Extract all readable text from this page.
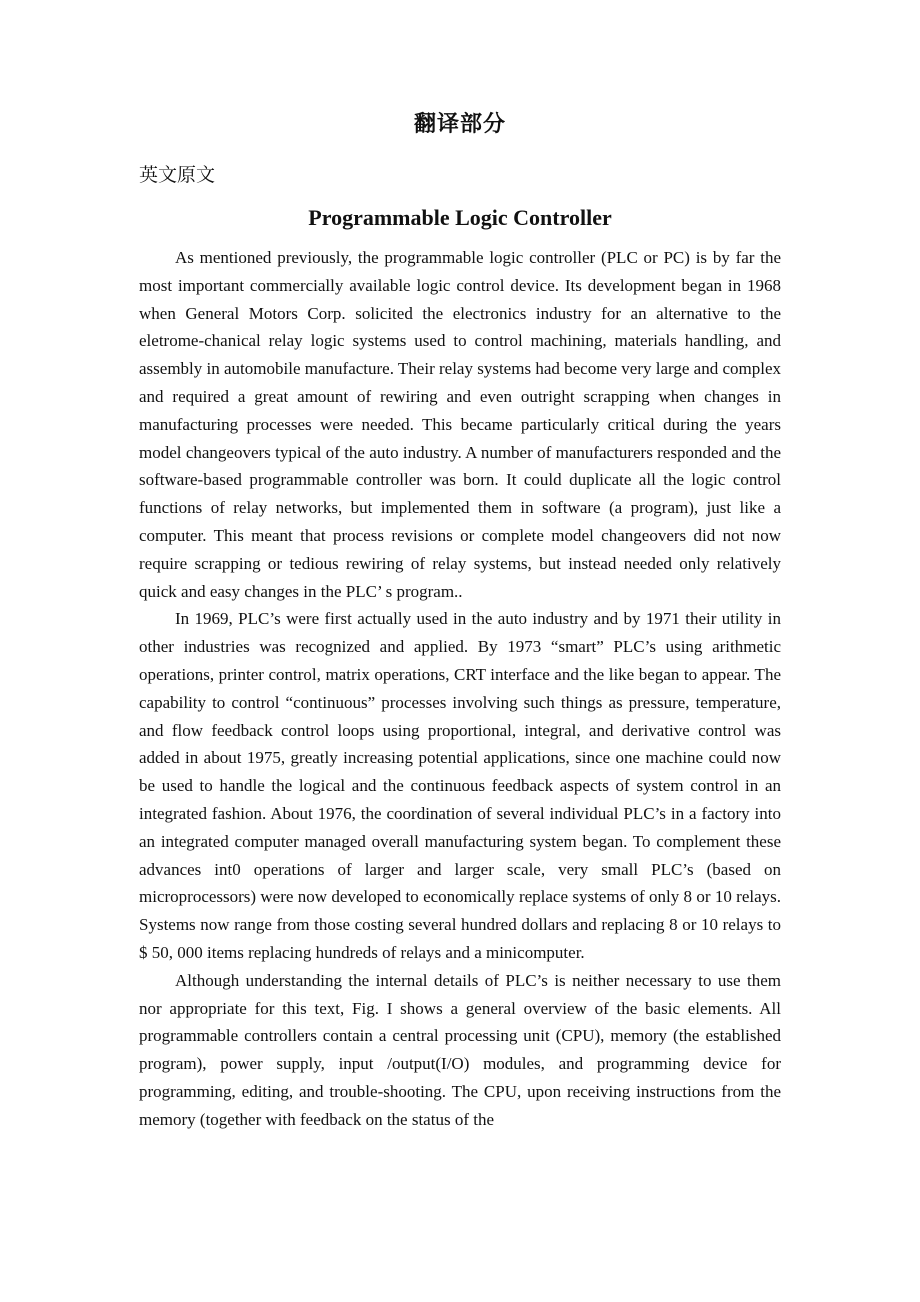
翻译部分
英文原文
Programmable Logic Controller

As mentioned previously, the programmable logic controller (PLC or PC) is by far the most important commercially available logic control device. Its development began in 1968 when General Motors Corp. solicited the electronics industry for an alternative to the eletrome-chanical relay logic systems used to control machining, materials handling, and assembly in automobile manufacture. Their relay systems had become very large and complex and required a great amount of rewiring and even outright scrapping when changes in manufacturing processes were needed. This became particularly critical during the years model changeovers typical of the auto industry. A number of manufacturers responded and the software-based programmable controller was born. It could duplicate all the logic control functions of relay networks, but implemented them in software (a program), just like a computer. This meant that process revisions or complete model changeovers did not now require scrapping or tedious rewiring of relay systems, but instead needed only relatively quick and easy changes in the PLC’ s program..

In 1969, PLC’s were first actually used in the auto industry and by 1971 their utility in other industries was recognized and applied. By 1973 “smart” PLC’s using arithmetic operations, printer control, matrix operations, CRT interface and the like began to appear. The capability to control “continuous” processes involving such things as pressure, temperature, and flow feedback control loops using proportional, integral, and derivative control was added in about 1975, greatly increasing potential applications, since one machine could now be used to handle the logical and the continuous feedback aspects of system control in an integrated fashion. About 1976, the coordination of several individual PLC’s in a factory into an integrated computer managed overall manufacturing system began. To complement these advances int0 operations of larger and larger scale, very small PLC’s (based on microprocessors) were now developed to economically replace systems of only 8 or 10 relays. Systems now range from those costing several hundred dollars and replacing 8 or 10 relays to $ 50, 000 items replacing hundreds of relays and a minicomputer.

Although understanding the internal details of PLC’s is neither necessary to use them nor appropriate for this text, Fig. I shows a general overview of the basic elements. All programmable controllers contain a central processing unit (CPU), memory (the established program), power supply, input /output(I/O) modules, and programming device for programming, editing, and trouble-shooting. The CPU, upon receiving instructions from the memory (together with feedback on the status of the
